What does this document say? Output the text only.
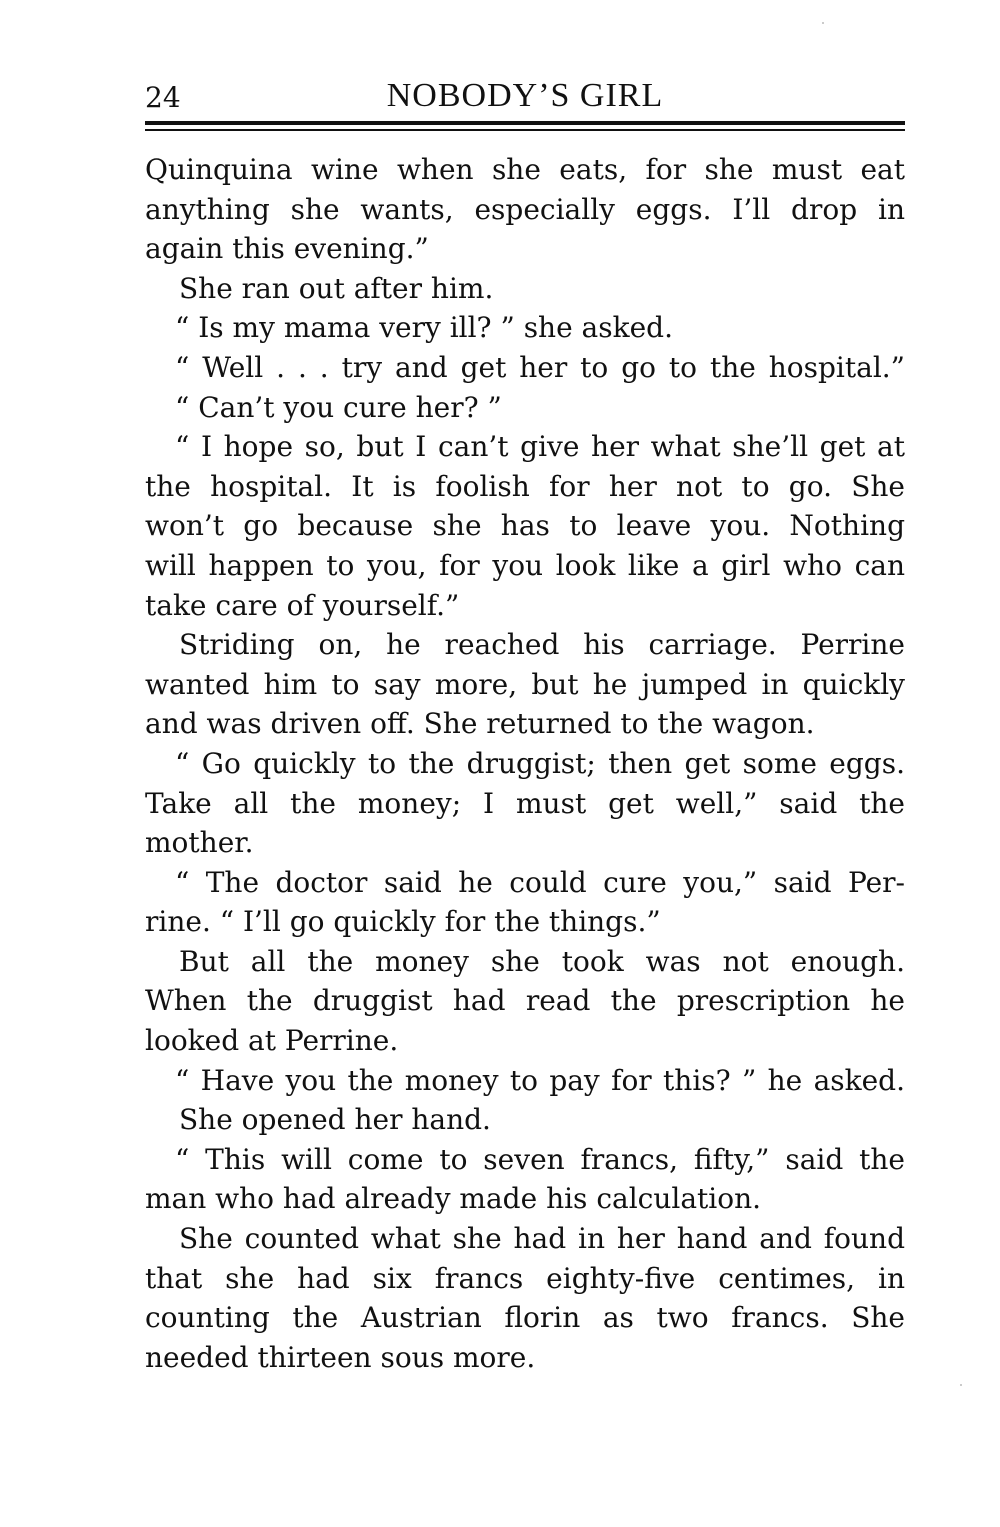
24	NOBODY’S GIRL
Quinquina wine when she eats, for she must eat
anything she wants, especially eggs. I’ll drop in
again this evening.”
She ran out after him.
“ Is my mama very ill? ” she asked.
“ Well . . . try and get her to go to the hospital.”
“ Can’t you cure her? ”
“ I hope so, but I can’t give her what she’ll get at
the hospital. It is foolish for her not to go. She
won’t go because she has to leave you. Nothing
will happen to you, for you look like a girl who can
take care of yourself.”
Striding on, he reached his carriage. Perrine
wanted him to say more, but he jumped in quickly
and was driven off. She returned to the wagon.
“ Go quickly to the druggist; then get some eggs.
Take all the money; I must get well,” said the
mother.
“ The doctor said he could cure you,” said Per-
rine. “ I’ll go quickly for the things.”
But all the money she took was not enough.
When the druggist had read the prescription he
looked at Perrine.
“ Have you the money to pay for this? ” he asked.
She opened her hand.
“ This will come to seven francs, fifty,” said the
man who had already made his calculation.
She counted what she had in her hand and found
that she had six francs eighty-five centimes, in
counting the Austrian florin as two francs. She
needed thirteen sous more.
